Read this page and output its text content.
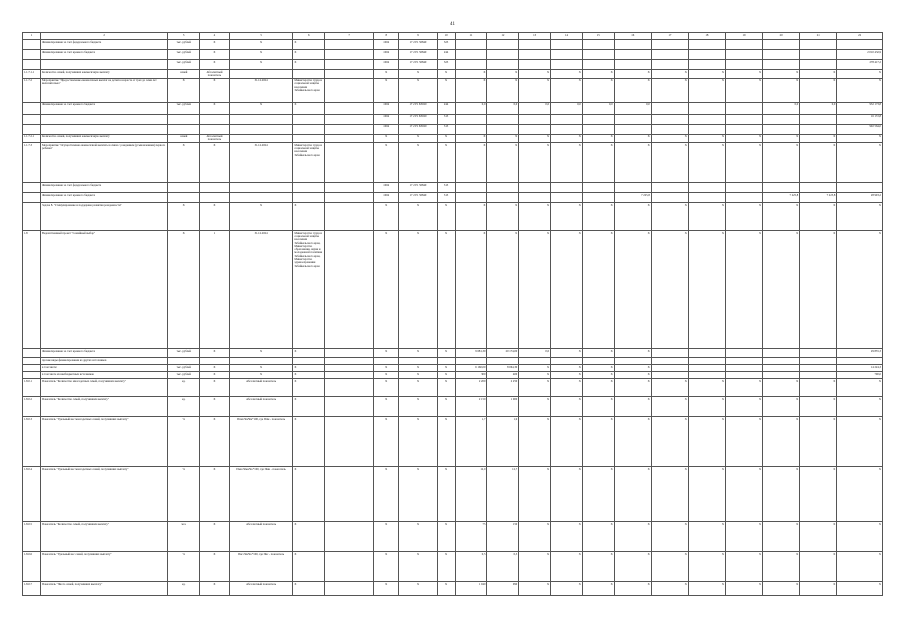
41
1	2	3	4	5	6	7	8	9	10	11	12	13	14	15	16	17	18	19	20	21	22
	Финансирование за счет федерального бюджета	тыс. рублей	Х	Х	Х		1004	17 2 Р1 50840	323												
	Финансирование за счет краевого бюджета	тыс. рублей	Х	Х	Х		1004	17 2 Р1 50840	244												2 010 432,9
		тыс. рублей	Х	Х	Х		1004	17 2 Р1 50840	323												278 417,2
1.1.7.1.1	Количество семей, получивших ежемесячную выплату	семей	Абсолютный показатель				Х	Х	Х	Х	Х	Х	Х	Х	Х	Х	Х	Х	Х	Х	Х
1.1.7.2	Мероприятие "Предоставление ежемесячных выплат на детей в возрасте от трех до семи лет включительно"	Х	Х	31.12.2024	Министерство труда и социальной защиты населения Забайкальского края		Х	Х	Х	Х	Х	Х	Х	Х	Х	Х	Х	Х	Х	Х	Х
	Финансирование за счет краевого бюджета	тыс. рублей	Х	Х	Х		1004	17 2 Р1 Б3020	244	0,0	0,0	0,0	0,0	0,0	0,0				0,0	0,0	932 173,8
							1004	17 2 Р1 Б3020	313												16 172,8
							1004	17 2 Р1 Б3020	313												902 564,0
1.1.7.2.1	Количество семей, получивших ежемесячную выплату	семей	Абсолютный показатель				Х	Х	Х	Х	Х	Х	Х	Х	Х	Х	Х	Х	Х	Х	Х
1.1.7.3	Мероприятие "Осуществление ежемесячной выплаты в связи с рождением (усыновлением) первого ребенка"	Х	Х	31.12.2024	Министерство труда и социальной защиты населения Забайкальского края		Х	Х	Х	Х	Х	Х	Х	Х	Х	Х	Х	Х	Х	Х	Х
	Финансирование за счет федерального бюджета						1004	17 2 Р1 50840	313												
	Финансирование за счет краевого бюджета						1004	17 2 Р1 50840	313						7 225,8				7 225,8	7 225,8	28 903,2
	Задача 8. "Стимулирование и поддержка развития рождаемости"	Х	Х	Х	Х		Х	Х	Х	Х	Х	Х	Х	Х	Х	Х	Х	Х	Х	Х	Х
1.8	Ведомственный проект "Семейный выбор"	Х	1	31.12.2024	Министерство труда и социальной защиты населения Забайкальского края, Министерство образования, науки и молодежной политики Забайкальского края, Министерство здравоохранения Забайкальского края		Х	Х	Х	Х	Х	Х	Х	Х	Х	Х	Х	Х	Х	Х	Х
	Финансирование за счет краевого бюджета	тыс. рублей	Х	Х	Х		Х	Х	Х	9 681,30	20 174,00	0,0	Х	Х	Х						29 855,3
	прочие виды финансирования из других источников																				
	в том числе:	тыс. рублей	Х	Х	Х		Х	Х	Х	6 160,00	8 064,30	Х	Х	Х	Х						14 224,3
	в том числе из внебюджетных источников	тыс. рублей	Х	Х	Х		Х	Х	Х	300	400	Х	Х	Х	Х						700,0
1.8.0.1	Показатель "Количество многодетных семей, получивших выплату"	ед.	Х	Абсолютный показатель	Х		Х	Х	Х	2 200	2 250	Х	Х	Х	Х	Х	Х	Х	Х	Х	Х
1.8.0.2	Показатель "Количество семей, получивших выплату"	ед.	Х	Абсолютный показатель	Х		Х	Х	Х	2 150	1 900	Х	Х	Х	Х	Х	Х	Х	Х	Х	Х
1.8.0.3	Показатель "Удельный вес многодетных семей, получивших выплату"	%	Х	Ппм=Чп/Чм*100, где Ппм - показатель	Х		Х	Х	Х	1,7	1,9	Х	Х	Х	Х	Х	Х	Х	Х	Х	Х
1.8.0.4	Показатель "Удельный вес многодетных семей, получивших выплату"	%	Х	Пмн=Чмн/Чо*100, где Пмн - показатель	Х		Х	Х	Х	12,0	12,7	Х	Х	Х	Х	Х	Х	Х	Х	Х	Х
1.8.0.5	Показатель "Количество семей, получивших выплату"	чел.	Х	Абсолютный показатель	Х		Х	Х	Х	75	150	Х	Х	Х	Х	Х	Х	Х	Х	Х	Х
1.8.0.6	Показатель "Удельный вес семей, получивших выплату"	%	Х	Пвс=Чв/Чо*100, где Пвс - показатель	Х		Х	Х	Х	0,5	0,3	Х	Х	Х	Х	Х	Х	Х	Х	Х	Х
1.8.0.7	Показатель "Число семей, получивших выплату"	ед.	Х	Абсолютный показатель	Х		Х	Х	Х	1 040	990	Х	Х	Х	Х	Х	Х	Х	Х	Х	Х
